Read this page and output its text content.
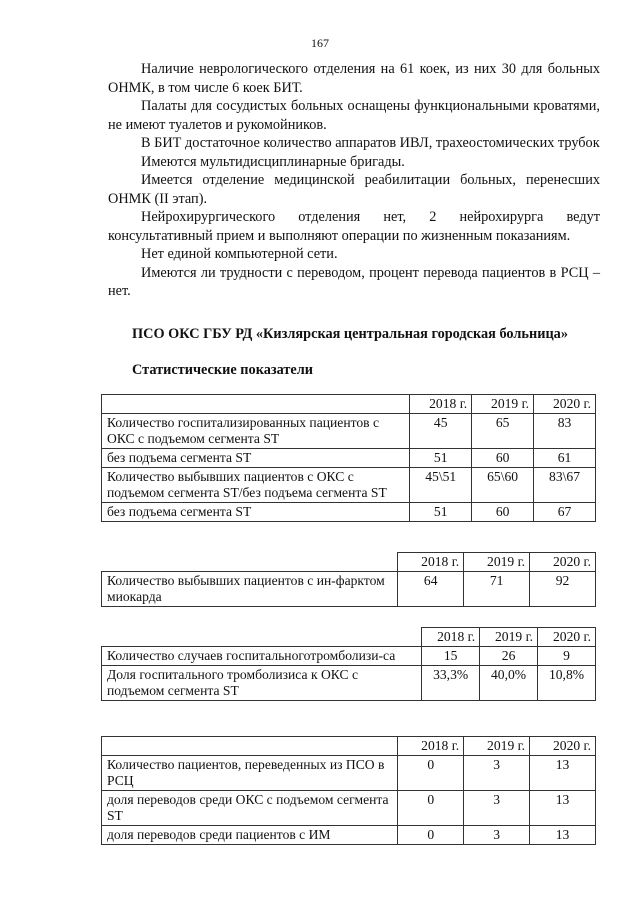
167

Наличие неврологического отделения на 61 коек, из них 30 для больных ОНМК, в том числе 6 коек БИТ.

Палаты для сосудистых больных оснащены функциональными кроватями, не имеют туалетов и рукомойников.

В БИТ достаточное количество аппаратов ИВЛ, трахеостомических трубок

Имеются мультидисциплинарные бригады.

Имеется отделение медицинской реабилитации больных, перенесших ОНМК (II этап).

Нейрохирургического отделения нет, 2 нейрохирурга ведут консультативный прием и выполняют операции по жизненным показаниям.

Нет единой компьютерной сети.

Имеются ли трудности с переводом, процент перевода пациентов в РСЦ – нет.

ПСО ОКС ГБУ РД «Кизлярская центральная городская больница»
Статистические показатели
	2018 г.	2019 г.	2020 г.
Количество госпитализированных пациентов с ОКС с подъемом сегмента ST	45	65	83
без подъема сегмента ST	51	60	61
Количество выбывших пациентов с ОКС с подъемом сегмента ST/без подъема сегмента ST	45\51	65\60	83\67
без подъема сегмента ST	51	60	67
	2018 г.	2019 г.	2020 г.
Количество выбывших пациентов с ин-фарктом миокарда	64	71	92
	2018 г.	2019 г.	2020 г.
Количество случаев госпитальноготромболизи-са	15	26	9
Доля госпитального тромболизиса к ОКС с подъемом сегмента ST	33,3%	40,0%	10,8%
	2018 г.	2019 г.	2020 г.
Количество пациентов, переведенных из ПСО в РСЦ	0	3	13
доля переводов среди ОКС с подъемом сегмента ST	0	3	13
доля переводов среди пациентов с ИМ	0	3	13
